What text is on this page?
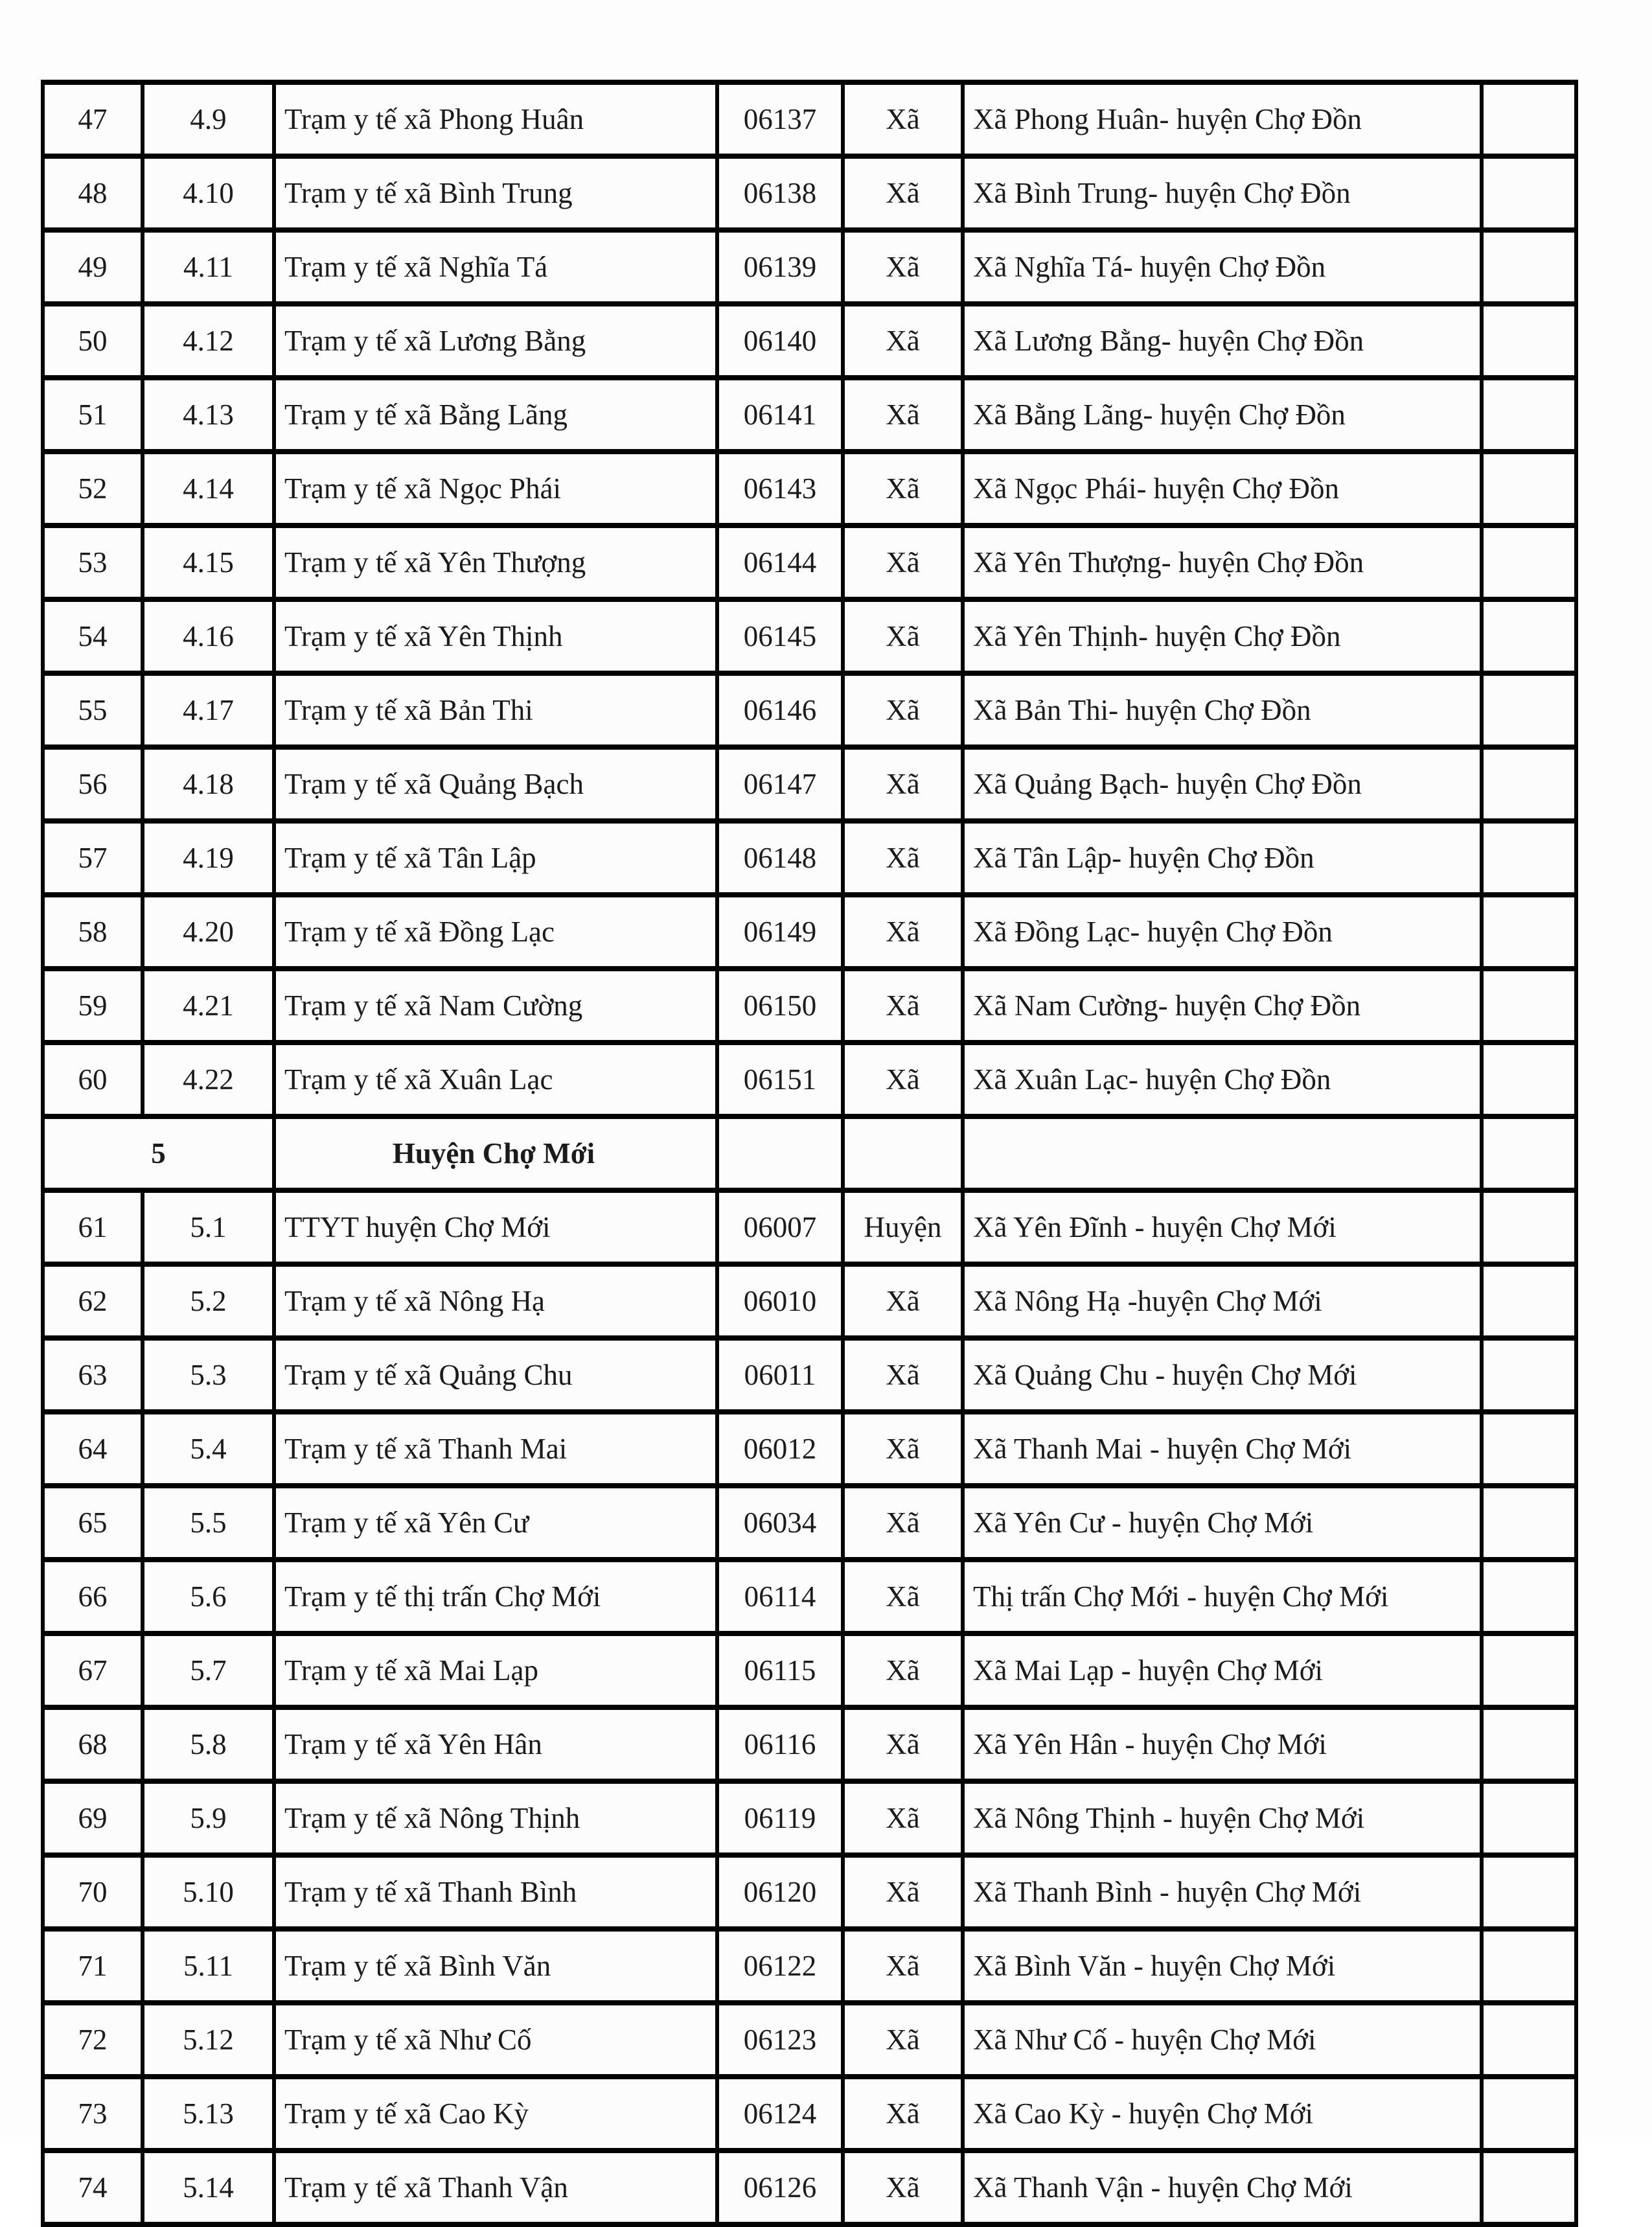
47	4.9	Trạm y tế xã Phong Huân	06137	Xã	Xã Phong Huân- huyện Chợ Đồn	
48	4.10	Trạm y tế xã Bình Trung	06138	Xã	Xã Bình Trung- huyện Chợ Đồn	
49	4.11	Trạm y tế xã Nghĩa Tá	06139	Xã	Xã Nghĩa Tá- huyện Chợ Đồn	
50	4.12	Trạm y tế xã Lương Bằng	06140	Xã	Xã Lương Bằng- huyện Chợ Đồn	
51	4.13	Trạm y tế xã Bằng Lãng	06141	Xã	Xã Bằng Lãng- huyện Chợ Đồn	
52	4.14	Trạm y tế xã Ngọc Phái	06143	Xã	Xã Ngọc Phái- huyện Chợ Đồn	
53	4.15	Trạm y tế xã Yên Thượng	06144	Xã	Xã Yên Thượng- huyện Chợ Đồn	
54	4.16	Trạm y tế xã Yên Thịnh	06145	Xã	Xã Yên Thịnh- huyện Chợ Đồn	
55	4.17	Trạm y tế xã Bản Thi	06146	Xã	Xã Bản Thi- huyện Chợ Đồn	
56	4.18	Trạm y tế xã Quảng Bạch	06147	Xã	Xã Quảng Bạch- huyện Chợ Đồn	
57	4.19	Trạm y tế xã Tân Lập	06148	Xã	Xã Tân Lập- huyện Chợ Đồn	
58	4.20	Trạm y tế xã Đồng Lạc	06149	Xã	Xã Đồng Lạc- huyện Chợ Đồn	
59	4.21	Trạm y tế xã Nam Cường	06150	Xã	Xã Nam Cường- huyện Chợ Đồn	
60	4.22	Trạm y tế xã Xuân Lạc	06151	Xã	Xã Xuân Lạc- huyện Chợ Đồn	
5		Huyện Chợ Mới				
61	5.1	TTYT huyện Chợ Mới	06007	Huyện	Xã Yên Đĩnh - huyện Chợ Mới	
62	5.2	Trạm y tế xã Nông Hạ	06010	Xã	Xã Nông Hạ -huyện Chợ Mới	
63	5.3	Trạm y tế xã Quảng Chu	06011	Xã	Xã Quảng Chu - huyện Chợ Mới	
64	5.4	Trạm y tế xã Thanh Mai	06012	Xã	Xã Thanh Mai - huyện Chợ Mới	
65	5.5	Trạm y tế xã Yên Cư	06034	Xã	Xã Yên Cư - huyện Chợ Mới	
66	5.6	Trạm y tế thị trấn Chợ Mới	06114	Xã	Thị trấn Chợ Mới - huyện Chợ Mới	
67	5.7	Trạm y tế xã Mai Lạp	06115	Xã	Xã Mai Lạp - huyện Chợ Mới	
68	5.8	Trạm y tế xã Yên Hân	06116	Xã	Xã Yên Hân - huyện Chợ Mới	
69	5.9	Trạm y tế xã Nông Thịnh	06119	Xã	Xã Nông Thịnh - huyện Chợ Mới	
70	5.10	Trạm y tế xã Thanh Bình	06120	Xã	Xã Thanh Bình - huyện Chợ Mới	
71	5.11	Trạm y tế xã Bình Văn	06122	Xã	Xã Bình Văn - huyện Chợ Mới	
72	5.12	Trạm y tế xã Như Cố	06123	Xã	Xã Như Cố - huyện Chợ Mới	
73	5.13	Trạm y tế xã Cao Kỳ	06124	Xã	Xã Cao Kỳ - huyện Chợ Mới	
74	5.14	Trạm y tế xã Thanh Vận	06126	Xã	Xã Thanh Vận - huyện Chợ Mới	
